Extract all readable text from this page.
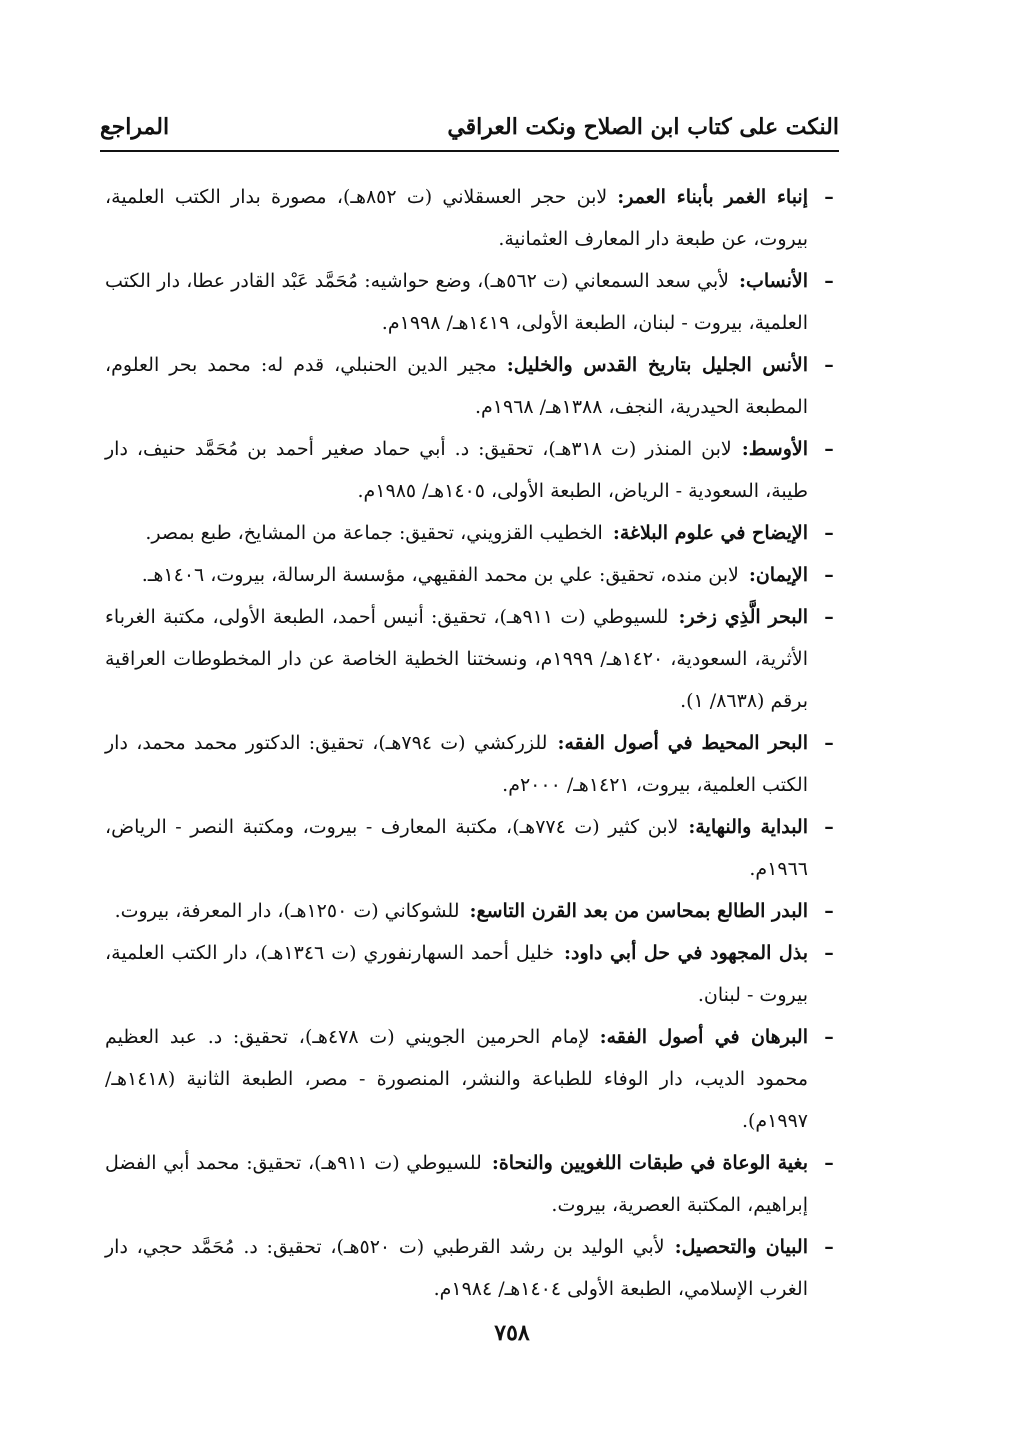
النكت على كتاب ابن الصلاح ونكت العراقي
المراجع
–
إنباء الغمر بأبناء العمر:لابن حجر العسقلاني (ت ٨٥٢هـ)، مصورة بدار الكتب العلمية، بيروت، عن طبعة دار المعارف العثمانية.
–
الأنساب:لأبي سعد السمعاني (ت ٥٦٢هـ)، وضع حواشيه: مُحَمَّد عَبْد القادر عطا، دار الكتب العلمية، بيروت - لبنان، الطبعة الأولى، ١٤١٩هـ/ ١٩٩٨م.
–
الأنس الجليل بتاريخ القدس والخليل:مجير الدين الحنبلي، قدم له: محمد بحر العلوم، المطبعة الحيدرية، النجف، ١٣٨٨هـ/ ١٩٦٨م.
–
الأوسط:لابن المنذر (ت ٣١٨هـ)، تحقيق: د. أبي حماد صغير أحمد بن مُحَمَّد حنيف، دار طيبة، السعودية - الرياض، الطبعة الأولى، ١٤٠٥هـ/ ١٩٨٥م.
–
الإيضاح في علوم البلاغة:الخطيب القزويني، تحقيق: جماعة من المشايخ، طبع بمصر.
–
الإيمان:لابن منده، تحقيق: علي بن محمد الفقيهي، مؤسسة الرسالة، بيروت، ١٤٠٦هـ.
–
البحر الَّذِي زخر:للسيوطي (ت ٩١١هـ)، تحقيق: أنيس أحمد، الطبعة الأولى، مكتبة الغرباء الأثرية، السعودية، ١٤٢٠هـ/ ١٩٩٩م، ونسختنا الخطية الخاصة عن دار المخطوطات العراقية برقم (٨٦٣٨/ ١).
–
البحر المحيط في أصول الفقه:للزركشي (ت ٧٩٤هـ)، تحقيق: الدكتور محمد محمد، دار الكتب العلمية، بيروت، ١٤٢١هـ/ ٢٠٠٠م.
–
البداية والنهاية:لابن كثير (ت ٧٧٤هـ)، مكتبة المعارف - بيروت، ومكتبة النصر - الرياض، ١٩٦٦م.
–
البدر الطالع بمحاسن من بعد القرن التاسع:للشوكاني (ت ١٢٥٠هـ)، دار المعرفة، بيروت.
–
بذل المجهود في حل أبي داود:خليل أحمد السهارنفوري (ت ١٣٤٦هـ)، دار الكتب العلمية، بيروت - لبنان.
–
البرهان في أصول الفقه:لإمام الحرمين الجويني (ت ٤٧٨هـ)، تحقيق: د. عبد العظيم محمود الديب، دار الوفاء للطباعة والنشر، المنصورة - مصر، الطبعة الثانية (١٤١٨هـ/ ١٩٩٧م).
–
بغية الوعاة في طبقات اللغويين والنحاة:للسيوطي (ت ٩١١هـ)، تحقيق: محمد أبي الفضل إبراهيم، المكتبة العصرية، بيروت.
–
البيان والتحصيل:لأبي الوليد بن رشد القرطبي (ت ٥٢٠هـ)، تحقيق: د. مُحَمَّد حجي، دار الغرب الإسلامي، الطبعة الأولى ١٤٠٤هـ/ ١٩٨٤م.
٧٥٨
